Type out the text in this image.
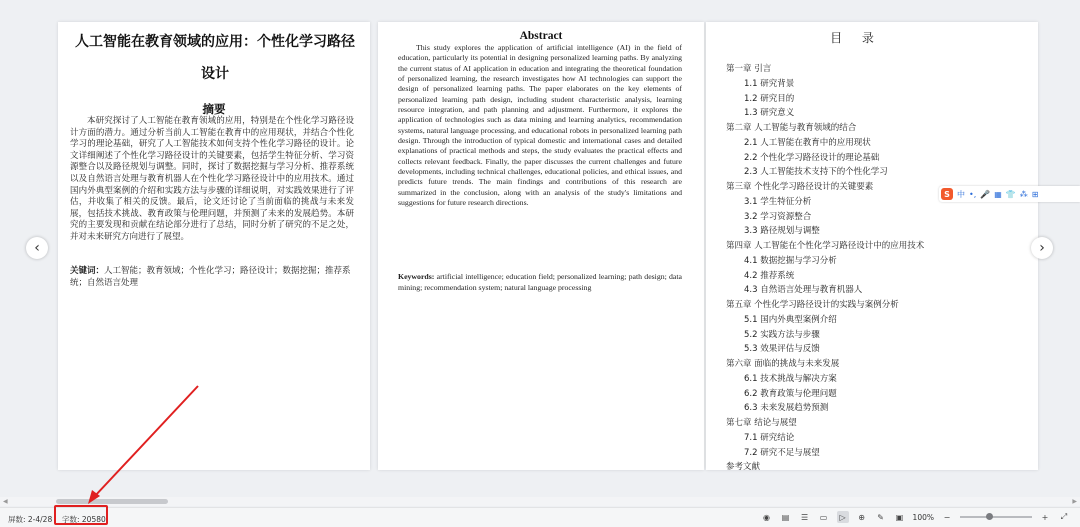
人工智能在教育领域的应用：个性化学习路径设计
摘要
本研究探讨了人工智能在教育领域的应用，特别是在个性化学习路径设计方面的潜力。通过分析当前人工智能在教育中的应用现状，并结合个性化学习的理论基础，研究了人工智能技术如何支持个性化学习路径的设计。论文详细阐述了个性化学习路径设计的关键要素，包括学生特征分析、学习资源整合以及路径规划与调整。同时，探讨了数据挖掘与学习分析、推荐系统以及自然语言处理与教育机器人在个性化学习路径设计中的应用技术。通过国内外典型案例的介绍和实践方法与步骤的详细说明，对实践效果进行了评估，并收集了相关的反馈。最后，论文还讨论了当前面临的挑战与未来发展，包括技术挑战、教育政策与伦理问题，并预测了未来的发展趋势。本研究的主要发现和贡献在结论部分进行了总结，同时分析了研究的不足之处，并对未来研究方向进行了展望。
关键词：人工智能；教育领域；个性化学习；路径设计；数据挖掘；推荐系统；自然语言处理
Abstract
This study explores the application of artificial intelligence (AI) in the field of education, particularly its potential in designing personalized learning paths. By analyzing the current status of AI application in education and integrating the theoretical foundation of personalized learning, the research investigates how AI technologies can support the design of personalized learning paths. The paper elaborates on the key elements of personalized learning path design, including student characteristic analysis, learning resource integration, and path planning and adjustment. Furthermore, it explores the application of technologies such as data mining and learning analytics, recommendation systems, natural language processing, and educational robots in personalized learning path design. Through the introduction of typical domestic and international cases and detailed explanations of practical methods and steps, the study evaluates the practical effects and collects relevant feedback. Finally, the paper discusses the current challenges and future developments, including technical challenges, educational policies, and ethical issues, and predicts future trends. The main findings and contributions of this research are summarized in the conclusion, along with an analysis of the study's limitations and suggestions for future research directions.
Keywords: artificial intelligence; education field; personalized learning; path design; data mining; recommendation system; natural language processing
目 录
第一章 引言
1.1 研究背景
1.2 研究目的
1.3 研究意义
第二章 人工智能与教育领域的结合
2.1 人工智能在教育中的应用现状
2.2 个性化学习路径设计的理论基础
2.3 人工智能技术支持下的个性化学习
第三章 个性化学习路径设计的关键要素
3.1 学生特征分析
3.2 学习资源整合
3.3 路径规划与调整
第四章 人工智能在个性化学习路径设计中的应用技术
4.1 数据挖掘与学习分析
4.2 推荐系统
4.3 自然语言处理与教育机器人
第五章 个性化学习路径设计的实践与案例分析
5.1 国内外典型案例介绍
5.2 实践方法与步骤
5.3 效果评估与反馈
第六章 面临的挑战与未来发展
6.1 技术挑战与解决方案
6.2 教育政策与伦理问题
6.3 未来发展趋势预测
第七章 结论与展望
7.1 研究结论
7.2 研究不足与展望
参考文献
‹	›
S 中 •, 🎤 ▦ 👕 ⁂ ⊞
◀	▶
屏数: 2-4/28 字数: 20580	◉	▤	☰	▭	▷	⊕	✎	▣ 100%	−	+	⤢
